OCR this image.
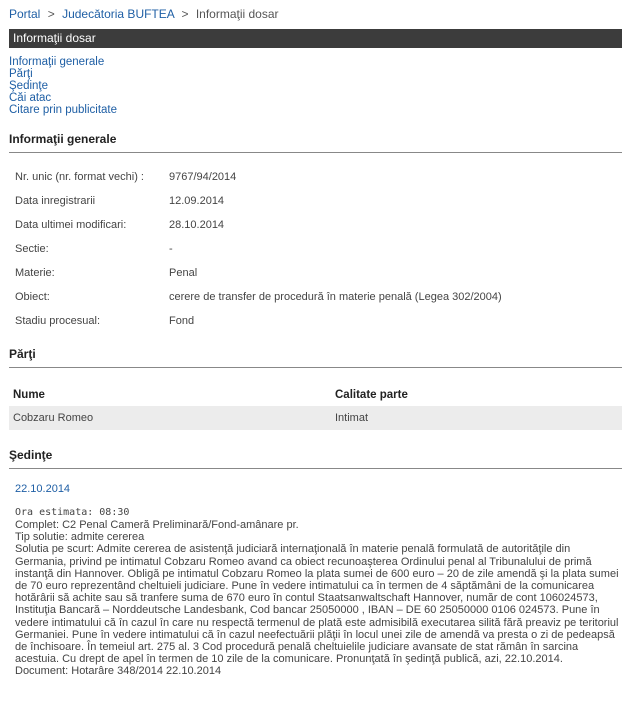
Portal > Judecătoria BUFTEA > Informaţii dosar
Informaţii dosar
Informaţii generale
Părţi
Şedinţe
Căi atac
Citare prin publicitate
Informaţii generale
Nr. unic (nr. format vechi) :	9767/94/2014
Data inregistrarii	12.09.2014
Data ultimei modificari:	28.10.2014
Sectie:	-
Materie:	Penal
Obiect:	cerere de transfer de procedură în materie penală (Legea 302/2004)
Stadiu procesual:	Fond
Părţi
Nume	Calitate parte
Cobzaru Romeo	Intimat
Şedinţe
22.10.2014
Ora estimata: 08:30
Complet: C2 Penal Cameră Preliminară/Fond-amânare pr.
Tip solutie: admite cererea
Solutia pe scurt: Admite cererea de asistenţă judiciară internaţională în materie penală formulată de autorităţile din Germania, privind pe intimatul Cobzaru Romeo avand ca obiect recunoaşterea Ordinului penal al Tribunalului de primă instanţă din Hannover. Obligă pe intimatul Cobzaru Romeo la plata sumei de 600 euro – 20 de zile amendă şi la plata sumei de 70 euro reprezentând cheltuieli judiciare. Pune în vedere intimatului ca în termen de 4 săptămâni de la comunicarea hotărârii să achite sau să tranfere suma de 670 euro în contul Staatsanwaltschaft Hannover, număr de cont 106024573, Instituţia Bancară – Norddeutsche Landesbank, Cod bancar 25050000 , IBAN – DE 60 25050000 0106 024573. Pune în vedere intimatului că în cazul în care nu respectă termenul de plată este admisibilă executarea silită fără preaviz pe teritoriul Germaniei. Pune în vedere intimatului că în cazul neefectuării plăţii în locul unei zile de amendă va presta o zi de pedeapsă de închisoare. În temeiul art. 275 al. 3 Cod procedură penală cheltuielile judiciare avansate de stat rămân în sarcina acestuia. Cu drept de apel în termen de 10 zile de la comunicare. Pronunţată în şedinţă publică, azi, 22.10.2014.
Document: Hotarâre 348/2014 22.10.2014
